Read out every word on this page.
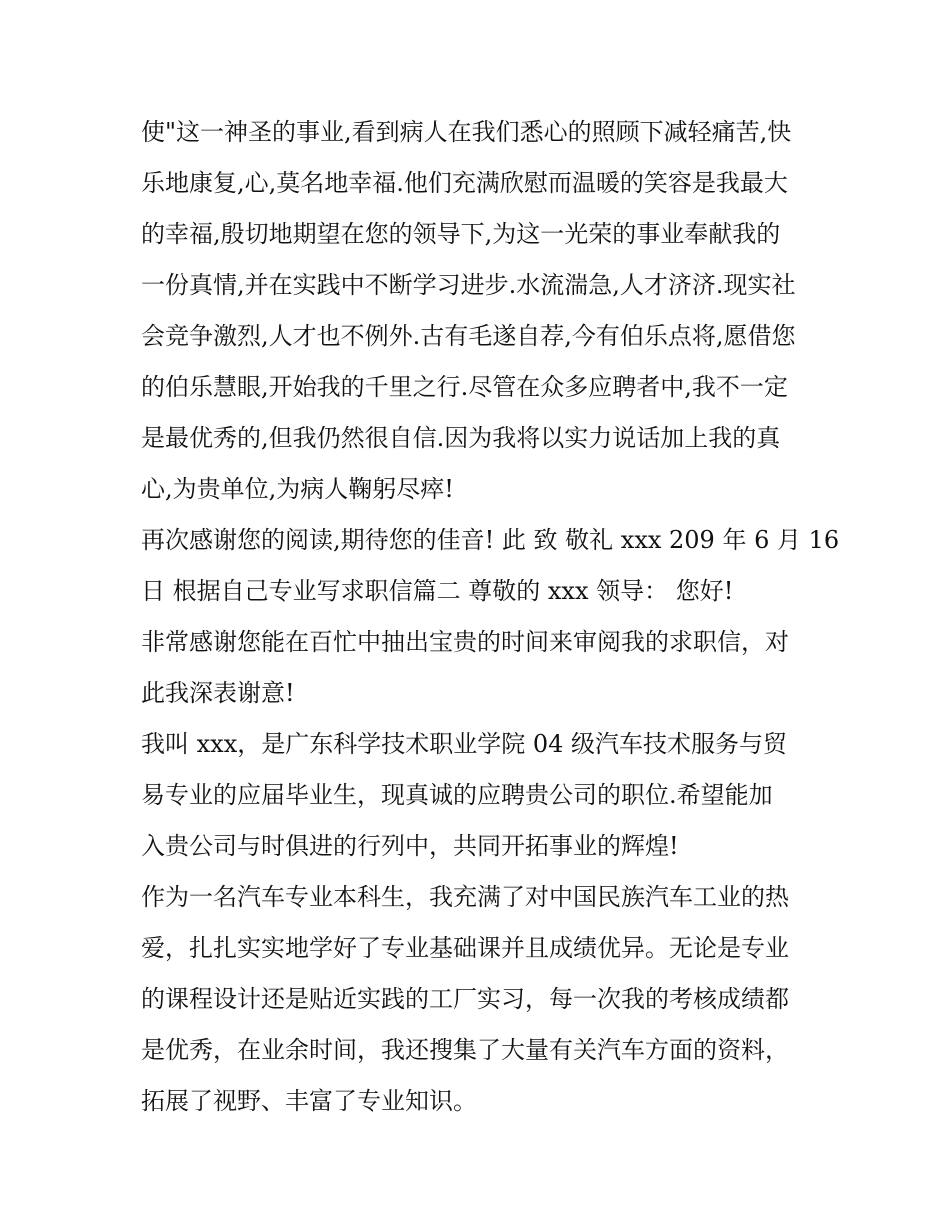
使"这一神圣的事业,看到病人在我们悉心的照顾下减轻痛苦,快
乐地康复,心,莫名地幸福.他们充满欣慰而温暖的笑容是我最大
的幸福,殷切地期望在您的领导下,为这一光荣的事业奉献我的
一份真情,并在实践中不断学习进步.水流湍急,人才济济.现实社
会竞争激烈,人才也不例外.古有毛遂自荐,今有伯乐点将,愿借您
的伯乐慧眼,开始我的千里之行.尽管在众多应聘者中,我不一定
是最优秀的,但我仍然很自信.因为我将以实力说话加上我的真
心,为贵单位,为病人鞠躬尽瘁!
再次感谢您的阅读,期待您的佳音! 此 致 敬礼 xxx 209 年 6 月 16
日 根据自己专业写求职信篇二 尊敬的 xxx 领导： 您好!
非常感谢您能在百忙中抽出宝贵的时间来审阅我的求职信，对
此我深表谢意!
我叫 xxx，是广东科学技术职业学院 04 级汽车技术服务与贸
易专业的应届毕业生，现真诚的应聘贵公司的职位.希望能加
入贵公司与时俱进的行列中，共同开拓事业的辉煌!
作为一名汽车专业本科生，我充满了对中国民族汽车工业的热
爱，扎扎实实地学好了专业基础课并且成绩优异。无论是专业
的课程设计还是贴近实践的工厂实习，每一次我的考核成绩都
是优秀，在业余时间，我还搜集了大量有关汽车方面的资料，
拓展了视野、丰富了专业知识。
